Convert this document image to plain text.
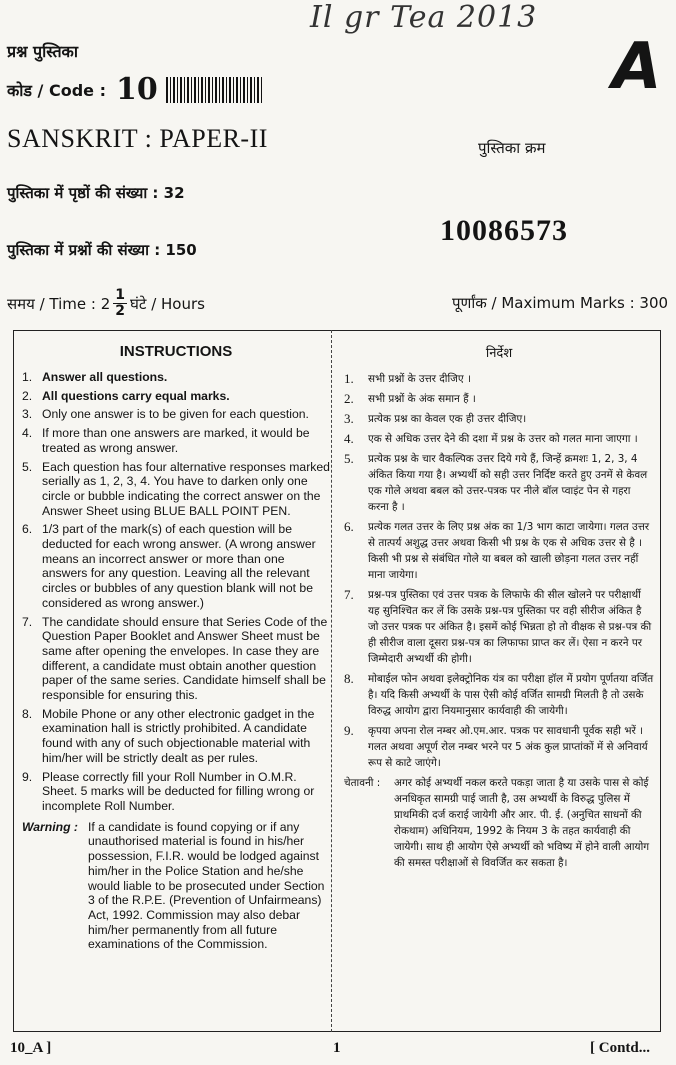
Il gr Tea 2013
प्रश्न पुस्तिका
कोड / Code : 10	A
SANSKRIT : PAPER-II	पुस्तिका क्रम
पुस्तिका में पृष्ठों की संख्या : 32
10086573
पुस्तिका में प्रश्नों की संख्या : 150
समय / Time : $2 \frac{1}{2}$ घंटे / Hours	पूर्णांक / Maximum Marks : 300
INSTRUCTIONS
1. Answer all questions.
2. All questions carry equal marks.
3. Only one answer is to be given for each question.
4. If more than one answers are marked, it would be treated as wrong answer.
5. Each question has four alternative responses marked serially as 1, 2, 3, 4. You have to darken only one circle or bubble indicating the correct answer on the Answer Sheet using BLUE BALL POINT PEN.
6. 1/3 part of the mark(s) of each question will be deducted for each wrong answer. (A wrong answer means an incorrect answer or more than one answers for any question. Leaving all the relevant circles or bubbles of any question blank will not be considered as wrong answer.)
7. The candidate should ensure that Series Code of the Question Paper Booklet and Answer Sheet must be same after opening the envelopes. In case they are different, a candidate must obtain another question paper of the same series. Candidate himself shall be responsible for ensuring this.
8. Mobile Phone or any other electronic gadget in the examination hall is strictly prohibited. A candidate found with any of such objectionable material with him/her will be strictly dealt as per rules.
9. Please correctly fill your Roll Number in O.M.R. Sheet. 5 marks will be deducted for filling wrong or incomplete Roll Number.
Warning : If a candidate is found copying or if any unauthorised material is found in his/her possession, F.I.R. would be lodged against him/her in the Police Station and he/she would liable to be prosecuted under Section 3 of the R.P.E. (Prevention of Unfairmeans) Act, 1992. Commission may also debar him/her permanently from all future examinations of the Commission.
निर्देश
1.	सभी प्रश्नों के उत्तर दीजिए ।
2.	सभी प्रश्नों के अंक समान हैं ।
3.	प्रत्येक प्रश्न का केवल एक ही उत्तर दीजिए।
4.	एक से अधिक उत्तर देने की दशा में प्रश्न के उत्तर को गलत माना जाएगा ।
5.	प्रत्येक प्रश्न के चार वैकल्पिक उत्तर दिये गये हैं, जिन्हें क्रमशः 1, 2, 3, 4 अंकित किया गया है। अभ्यर्थी को सही उत्तर निर्दिष्ट करते हुए उनमें से केवल एक गोले अथवा बबल को उत्तर-पत्रक पर नीले बॉल प्वाइंट पेन से गहरा करना है ।
6.	प्रत्येक गलत उत्तर के लिए प्रश्न अंक का 1/3 भाग काटा जायेगा। गलत उत्तर से तात्पर्य अशुद्ध उत्तर अथवा किसी भी प्रश्न के एक से अधिक उत्तर से है । किसी भी प्रश्न से संबंधित गोले या बबल को खाली छोड़ना गलत उत्तर नहीं माना जायेगा।
7.	प्रश्न-पत्र पुस्तिका एवं उत्तर पत्रक के लिफाफे की सील खोलने पर परीक्षार्थी यह सुनिश्चित कर लें कि उसके प्रश्न-पत्र पुस्तिका पर वही सीरीज अंकित है जो उत्तर पत्रक पर अंकित है। इसमें कोई भिन्नता हो तो वीक्षक से प्रश्न-पत्र की ही सीरीज वाला दूसरा प्रश्न-पत्र का लिफाफा प्राप्त कर लें। ऐसा न करने पर जिम्मेदारी अभ्यर्थी की होगी।
8.	मोबाईल फोन अथवा इलेक्ट्रोनिक यंत्र का परीक्षा हॉल में प्रयोग पूर्णतया वर्जित है। यदि किसी अभ्यर्थी के पास ऐसी कोई वर्जित सामग्री मिलती है तो उसके विरुद्ध आयोग द्वारा नियमानुसार कार्यवाही की जायेगी।
9.	कृपया अपना रोल नम्बर ओ.एम.आर. पत्रक पर सावधानी पूर्वक सही भरें । गलत अथवा अपूर्ण रोल नम्बर भरने पर 5 अंक कुल प्राप्तांकों में से अनिवार्य रूप से काटे जाएंगे।
चेतावनी :	अगर कोई अभ्यर्थी नकल करते पकड़ा जाता है या उसके पास से कोई अनधिकृत सामग्री पाई जाती है, उस अभ्यर्थी के विरुद्ध पुलिस में प्राथमिकी दर्ज कराई जायेगी और आर. पी. ई. (अनुचित साधनों की रोकथाम) अधिनियम, 1992 के नियम 3 के तहत कार्यवाही की जायेगी। साथ ही आयोग ऐसे अभ्यर्थी को भविष्य में होने वाली आयोग की समस्त परीक्षाओं से विवर्जित कर सकता है।
10_A ]	1	[ Contd...
